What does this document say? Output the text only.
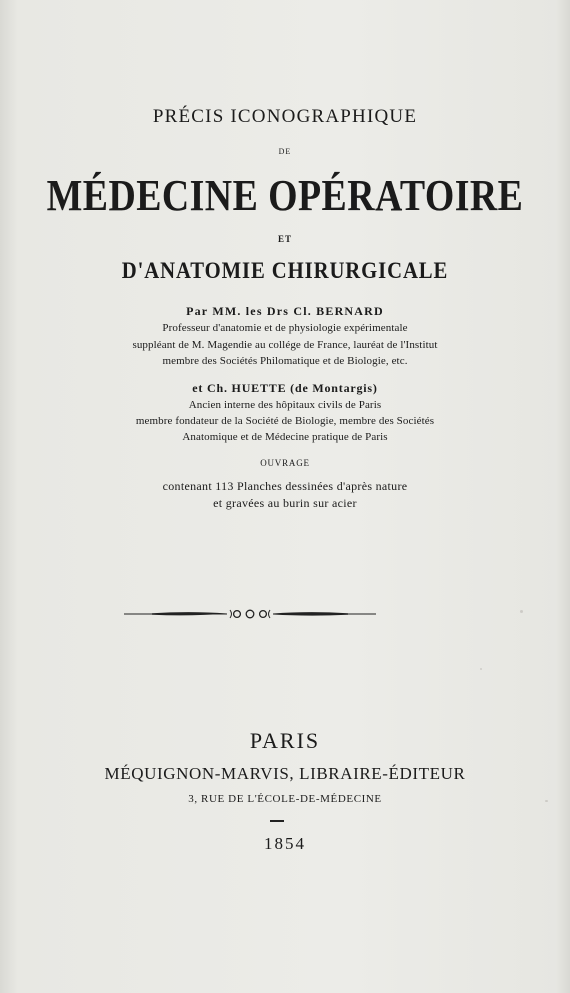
PRÉCIS ICONOGRAPHIQUE
DE
MÉDECINE OPÉRATOIRE
ET
D'ANATOMIE CHIRURGICALE
Par MM. les Drs Cl. BERNARD
Professeur d'anatomie et de physiologie expérimentale
suppléant de M. Magendie au collége de France, lauréat de l'Institut
membre des Sociétés Philomatique et de Biologie, etc.
et Ch. HUETTE (de Montargis)
Ancien interne des hôpitaux civils de Paris
membre fondateur de la Société de Biologie, membre des Sociétés
Anatomique et de Médecine pratique de Paris
OUVRAGE
contenant 113 Planches dessinées d'après nature
et gravées au burin sur acier
PARIS
MÉQUIGNON-MARVIS, LIBRAIRE-ÉDITEUR
3, RUE DE L'ÉCOLE-DE-MÉDECINE
1854
